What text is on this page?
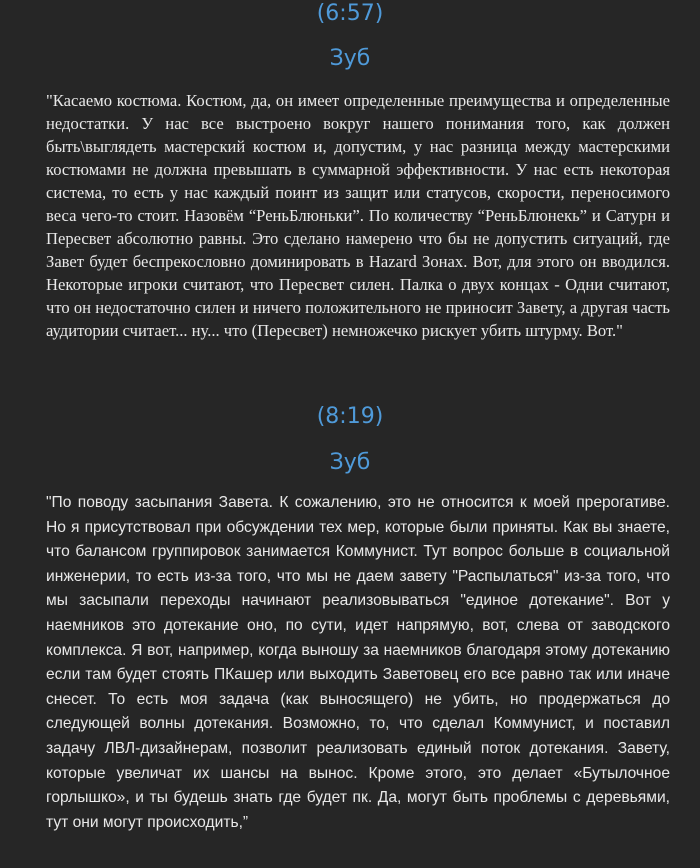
(6:57)

Зуб

"Касаемо костюма. Костюм, да, он имеет определенные преимущества и определенные недостатки. У нас все выстроено вокруг нашего понимания того, как должен быть\выглядеть мастерский костюм и, допустим, у нас разница между мастерскими костюмами не должна превышать в суммарной эффективности. У нас есть некоторая система, то есть у нас каждый поинт из защит или статусов, скорости, переносимого веса чего-то стоит. Назовём “РеньБлюньки”. По количеству “РеньБлюнекь” и Сатурн и Пересвет абсолютно равны. Это сделано намерено что бы не допустить ситуаций, где Завет будет беспрекословно доминировать в Hazard Зонах. Вот, для этого он вводился. Некоторые игроки считают, что Пересвет силен. Палка о двух концах - Одни считают, что он недостаточно силен и ничего положительного не приносит Завету, а другая часть аудитории считает... ну... что (Пересвет) немножечко рискует убить штурму. Вот."

(8:19)

Зуб

"По поводу засыпания Завета. К сожалению, это не относится к моей прерогативе. Но я присутствовал при обсуждении тех мер, которые были приняты. Как вы знаете, что балансом группировок занимается Коммунист. Тут вопрос больше в социальной инженерии, то есть из-за того, что мы не даем завету "Распылаться" из-за того, что мы засыпали переходы начинают реализовываться "единое дотекание". Вот у наемников это дотекание оно, по сути, идет напрямую, вот, слева от заводского комплекса. Я вот, например, когда выношу за наемников благодаря этому дотеканию если там будет стоять ПКашер или выходить Заветовец его все равно так или иначе снесет. То есть моя задача (как выносящего) не убить, но продержаться до следующей волны дотекания. Возможно, то, что сделал Коммунист, и поставил задачу ЛВЛ-дизайнерам, позволит реализовать единый поток дотекания. Завету, которые увеличат их шансы на вынос. Кроме этого, это делает «Бутылочное горлышко», и ты будешь знать где будет пк. Да, могут быть проблемы с деревьями, тут они могут происходить,”
